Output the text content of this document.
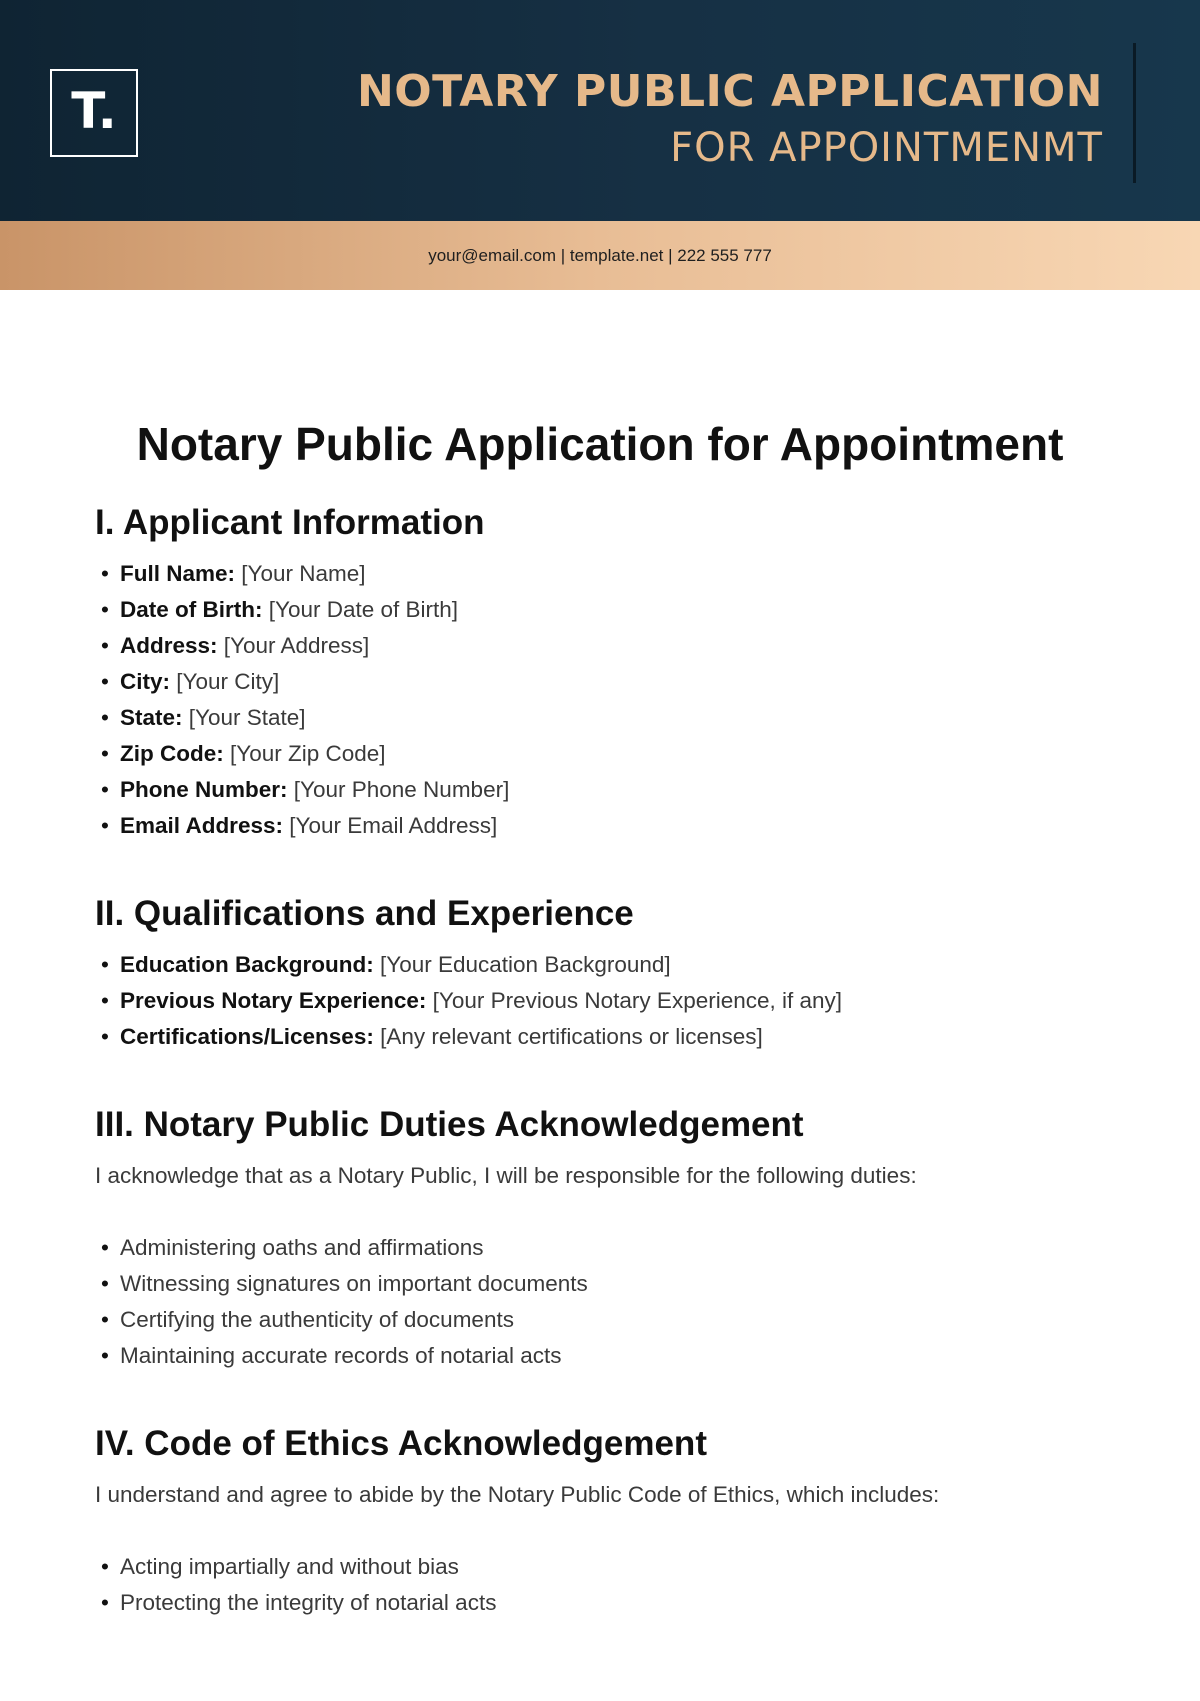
T.	NOTARY PUBLIC APPLICATION
FOR APPOINTMENMT
your@email.com | template.net | 222 555 777
Notary Public Application for Appointment
I. Applicant Information
• Full Name: [Your Name]
• Date of Birth: [Your Date of Birth]
• Address: [Your Address]
• City: [Your City]
• State: [Your State]
• Zip Code: [Your Zip Code]
• Phone Number: [Your Phone Number]
• Email Address: [Your Email Address]
II. Qualifications and Experience
• Education Background: [Your Education Background]
• Previous Notary Experience: [Your Previous Notary Experience, if any]
• Certifications/Licenses: [Any relevant certifications or licenses]
III. Notary Public Duties Acknowledgement

I acknowledge that as a Notary Public, I will be responsible for the following duties:

• Administering oaths and affirmations
• Witnessing signatures on important documents
• Certifying the authenticity of documents
• Maintaining accurate records of notarial acts
IV. Code of Ethics Acknowledgement

I understand and agree to abide by the Notary Public Code of Ethics, which includes:

• Acting impartially and without bias
• Protecting the integrity of notarial acts
